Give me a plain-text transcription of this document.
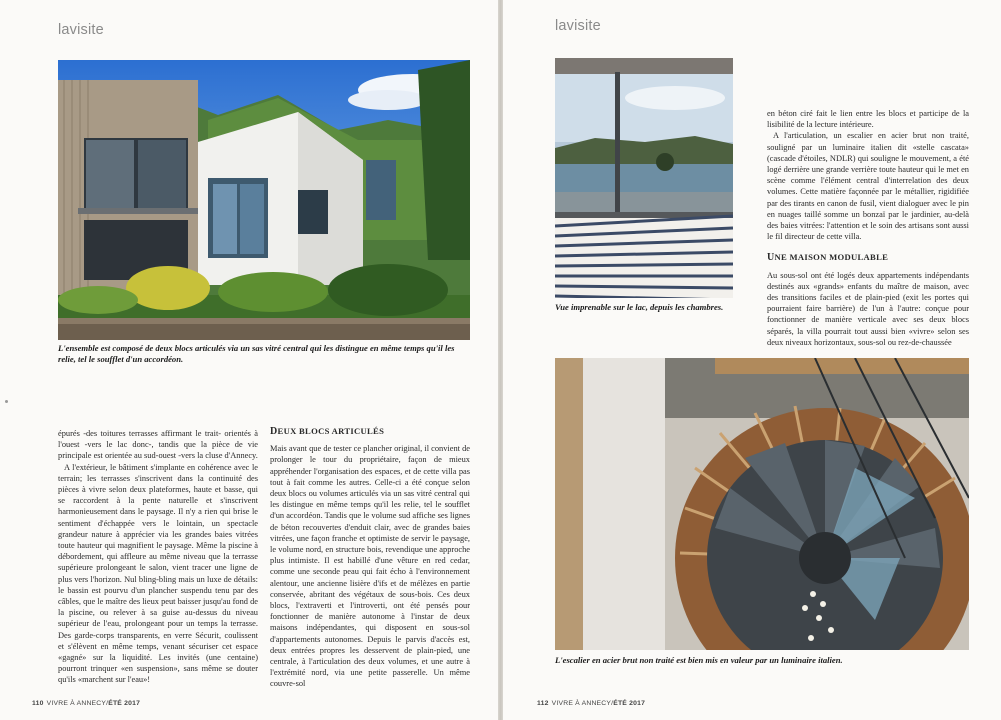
lavisite
L'ensemble est composé de deux blocs articulés via un sas vitré central qui les distingue en même temps qu'il les relie, tel le soufflet d'un accordéon.

épurés -des toitures terrasses affirmant le trait- orientés à l'ouest -vers le lac donc-, tandis que la pièce de vie principale est orientée au sud-ouest -vers la cluse d'Annecy.

A l'extérieur, le bâtiment s'implante en cohérence avec le terrain; les terrasses s'inscrivent dans la continuité des pièces à vivre selon deux plateformes, haute et basse, qui se raccordent à la pente naturelle et s'inscrivent harmonieusement dans le paysage. Il n'y a rien qui brise le sentiment d'échappée vers le lointain, un spectacle grandeur nature à apprécier via les grandes baies vitrées toute hauteur qui magnifient le paysage. Même la piscine à débordement, qui affleure au même niveau que la terrasse supérieure prolongeant le salon, vient tracer une ligne de plus vers l'horizon. Nul bling-bling mais un luxe de détails: le bassin est pourvu d'un plancher suspendu tenu par des câbles, que le maître des lieux peut baisser jusqu'au fond de la piscine, ou relever à sa guise au-dessus du niveau supérieur de l'eau, prolongeant pour un temps la terrasse. Des garde-corps transparents, en verre Sécurit, coulissent et s'élèvent en même temps, venant sécuriser cet espace «gagné» sur la liquidité. Les invités (une centaine) pourront trinquer «en suspension», sans même se douter qu'ils «marchent sur l'eau»!

DEUX BLOCS ARTICULÉS

Mais avant que de tester ce plancher original, il convient de prolonger le tour du propriétaire, façon de mieux appréhender l'organisation des espaces, et de cette villa pas tout à fait comme les autres. Celle-ci a été conçue selon deux blocs ou volumes articulés via un sas vitré central qui les distingue en même temps qu'il les relie, tel le soufflet d'un accordéon. Tandis que le volume sud affiche ses lignes de béton recouvertes d'enduit clair, avec de grandes baies vitrées, une façon franche et optimiste de servir le paysage, le volume nord, en structure bois, revendique une approche plus intimiste. Il est habillé d'une vêture en red cedar, comme une seconde peau qui fait écho à l'environnement alentour, une ancienne lisière d'ifs et de mélèzes en partie conservée, abritant des végétaux de sous-bois. Ces deux blocs, l'extraverti et l'introverti, ont été pensés pour fonctionner de manière autonome à l'instar de deux maisons indépendantes, qui disposent en sous-sol d'appartements autonomes. Depuis le parvis d'accès est, deux entrées propres les desservent de plain-pied, une centrale, à l'articulation des deux volumes, et une autre à l'extrémité nord, via une petite passerelle. Un même couvre-sol

110 VIVRE À ANNECY/ÉTÉ 2017
lavisite
Vue imprenable sur le lac, depuis les chambres.

en béton ciré fait le lien entre les blocs et participe de la lisibilité de la lecture intérieure.

A l'articulation, un escalier en acier brut non traité, souligné par un luminaire italien dit «stelle cascata» (cascade d'étoiles, NDLR) qui souligne le mouvement, a été logé derrière une grande verrière toute hauteur qui le met en scène comme l'élément central d'interrelation des deux volumes. Cette matière façonnée par le métallier, rigidifiée par des tirants en canon de fusil, vient dialoguer avec le pin en nuages taillé somme un bonzaï par le jardinier, au-delà des baies vitrées: l'attention et le soin des artisans sont aussi le fil directeur de cette villa.

UNE MAISON MODULABLE

Au sous-sol ont été logés deux appartements indépendants destinés aux «grands» enfants du maître de maison, avec des transitions faciles et de plain-pied (exit les portes qui pourraient faire barrière) de l'un à l'autre: conçue pour fonctionner de manière verticale avec ses deux blocs séparés, la villa pourrait tout aussi bien «vivre» selon ses deux niveaux horizontaux, sous-sol ou rez-de-chaussée

L'escalier en acier brut non traité est bien mis en valeur par un luminaire italien.
112 VIVRE À ANNECY/ÉTÉ 2017
